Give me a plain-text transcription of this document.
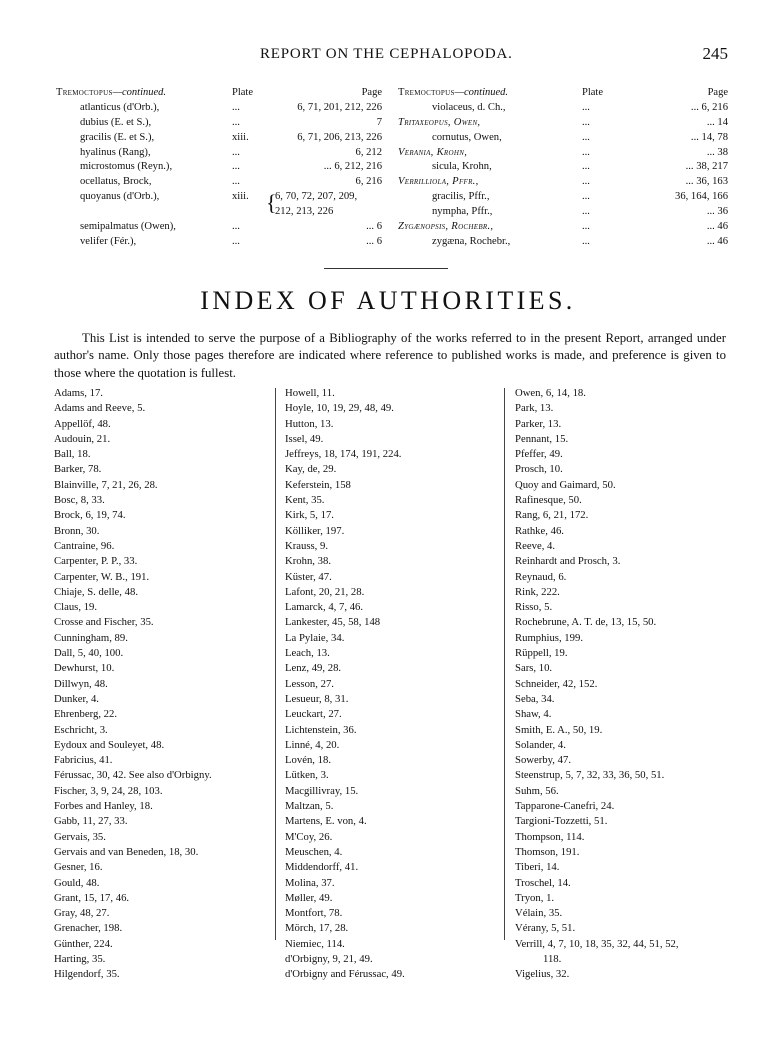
REPORT ON THE CEPHALOPODA.	245
Tremoctopus—continued.	Plate	Page
atlanticus (d'Orb.),	...	6, 71, 201, 212, 226
dubius (E. et S.),	...	7
gracilis (E. et S.),	xiii.	6, 71, 206, 213, 226
hyalinus (Rang),	...	6, 212
microstomus (Reyn.),	...	... 6, 212, 216
ocellatus, Brock,	...	6, 216
quoyanus (d'Orb.),	xiii. {
6, 70, 72, 207, 209,
212, 213, 226
semipalmatus (Owen),	...	... 6
velifer (Fér.),	...	... 6
Tremoctopus—continued.	Plate	Page
violaceus, d. Ch.,	...	... 6, 216
Tritaxeopus, Owen,	...	... 14
cornutus, Owen,	...	... 14, 78
Verania, Krohn,	...	... 38
sicula, Krohn,	...	... 38, 217
Verrilliola, Pffr.,	...	... 36, 163
gracilis, Pffr.,	...	36, 164, 166
nympha, Pffr.,	...	... 36
Zygænopsis, Rochebr.,	...	... 46
zygæna, Rochebr.,	...	... 46
INDEX OF AUTHORITIES.
This List is intended to serve the purpose of a Bibliography of the works referred to in the present Report, arranged under author's name. Only those pages therefore are indicated where reference to published works is made, and preference is given to those where the quotation is fullest.
Adams, 17.
Adams and Reeve, 5.
Appellöf, 48.
Audouin, 21.
Ball, 18.
Barker, 78.
Blainville, 7, 21, 26, 28.
Bosc, 8, 33.
Brock, 6, 19, 74.
Bronn, 30.
Cantraine, 96.
Carpenter, P. P., 33.
Carpenter, W. B., 191.
Chiaje, S. delle, 48.
Claus, 19.
Crosse and Fischer, 35.
Cunningham, 89.
Dall, 5, 40, 100.
Dewhurst, 10.
Dillwyn, 48.
Dunker, 4.
Ehrenberg, 22.
Eschricht, 3.
Eydoux and Souleyet, 48.
Fabricius, 41.
Férussac, 30, 42. See also d'Orbigny.
Fischer, 3, 9, 24, 28, 103.
Forbes and Hanley, 18.
Gabb, 11, 27, 33.
Gervais, 35.
Gervais and van Beneden, 18, 30.
Gesner, 16.
Gould, 48.
Grant, 15, 17, 46.
Gray, 48, 27.
Grenacher, 198.
Günther, 224.
Harting, 35.
Hilgendorf, 35.
Howell, 11.
Hoyle, 10, 19, 29, 48, 49.
Hutton, 13.
Issel, 49.
Jeffreys, 18, 174, 191, 224.
Kay, de, 29.
Keferstein, 158
Kent, 35.
Kirk, 5, 17.
Kölliker, 197.
Krauss, 9.
Krohn, 38.
Küster, 47.
Lafont, 20, 21, 28.
Lamarck, 4, 7, 46.
Lankester, 45, 58, 148
La Pylaie, 34.
Leach, 13.
Lenz, 49, 28.
Lesson, 27.
Lesueur, 8, 31.
Leuckart, 27.
Lichtenstein, 36.
Linné, 4, 20.
Lovén, 18.
Lütken, 3.
Macgillivray, 15.
Maltzan, 5.
Martens, E. von, 4.
M'Coy, 26.
Meuschen, 4.
Middendorff, 41.
Molina, 37.
Møller, 49.
Montfort, 78.
Mörch, 17, 28.
Niemiec, 114.
d'Orbigny, 9, 21, 49.
d'Orbigny and Férussac, 49.
Owen, 6, 14, 18.
Park, 13.
Parker, 13.
Pennant, 15.
Pfeffer, 49.
Prosch, 10.
Quoy and Gaimard, 50.
Rafinesque, 50.
Rang, 6, 21, 172.
Rathke, 46.
Reeve, 4.
Reinhardt and Prosch, 3.
Reynaud, 6.
Rink, 222.
Risso, 5.
Rochebrune, A. T. de, 13, 15, 50.
Rumphius, 199.
Rüppell, 19.
Sars, 10.
Schneider, 42, 152.
Seba, 34.
Shaw, 4.
Smith, E. A., 50, 19.
Solander, 4.
Sowerby, 47.
Steenstrup, 5, 7, 32, 33, 36, 50, 51.
Suhm, 56.
Tapparone-Canefri, 24.
Targioni-Tozzetti, 51.
Thompson, 114.
Thomson, 191.
Tiberi, 14.
Troschel, 14.
Tryon, 1.
Vélain, 35.
Vérany, 5, 51.
Verrill, 4, 7, 10, 18, 35, 32, 44, 51, 52,
118.
Vigelius, 32.
